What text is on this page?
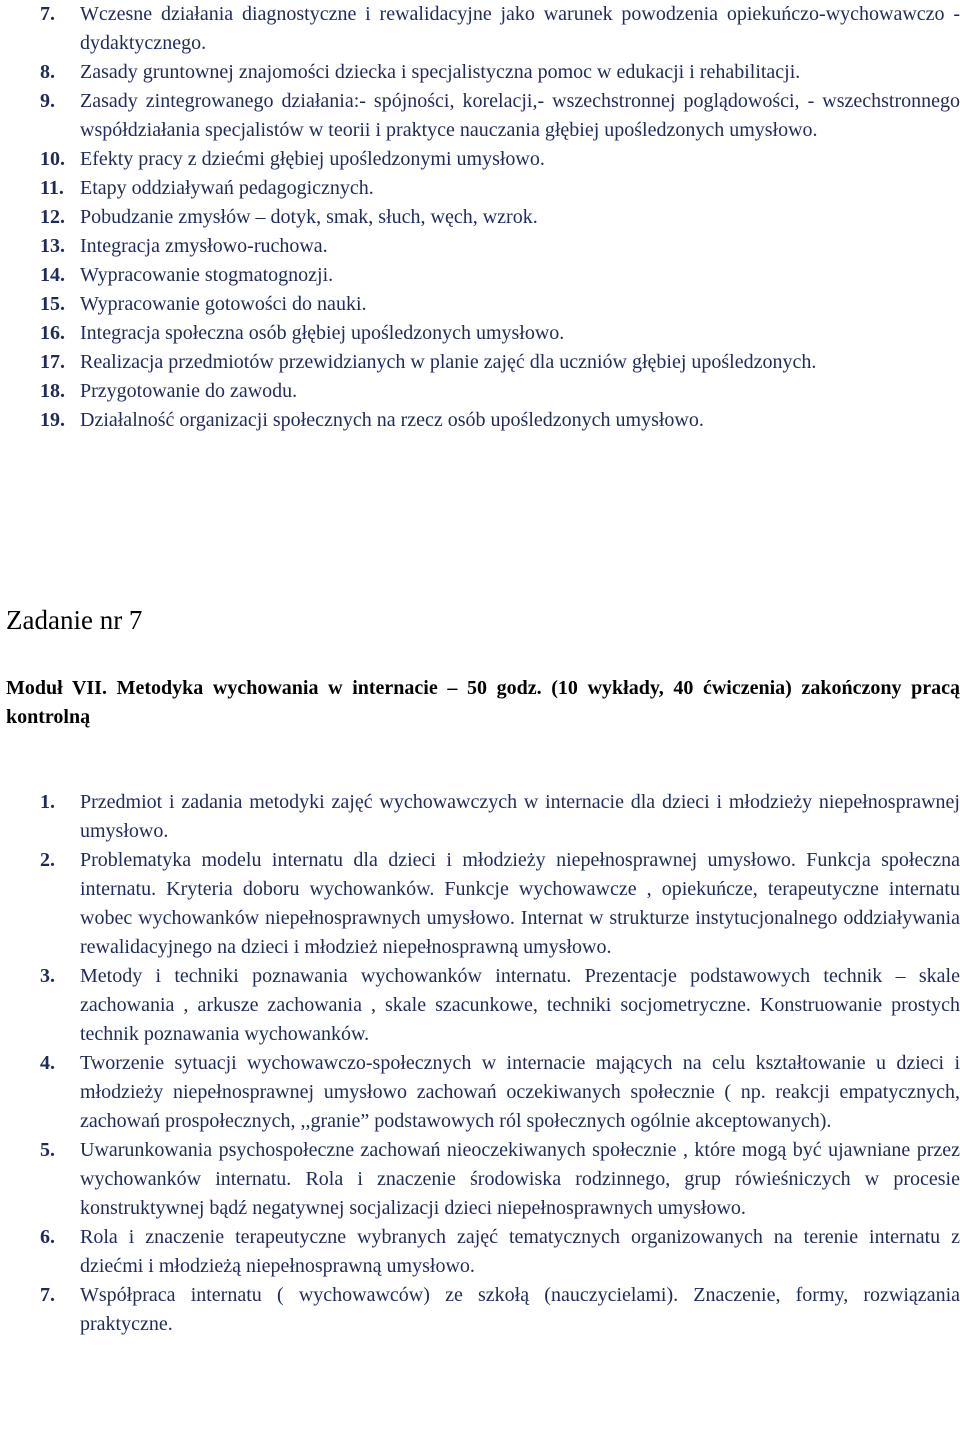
7. Wczesne działania diagnostyczne i rewalidacyjne jako warunek powodzenia opiekuńczo-wychowawczo - dydaktycznego.
8. Zasady gruntownej znajomości dziecka i specjalistyczna pomoc w edukacji i rehabilitacji.
9. Zasady zintegrowanego działania:- spójności, korelacji,- wszechstronnej poglądowości, - wszechstronnego współdziałania specjalistów w teorii i praktyce nauczania głębiej upośledzonych umysłowo.
10. Efekty pracy z dziećmi głębiej upośledzonymi umysłowo.
11. Etapy oddziaływań pedagogicznych.
12. Pobudzanie zmysłów – dotyk, smak, słuch, węch, wzrok.
13. Integracja zmysłowo-ruchowa.
14. Wypracowanie stogmatognozji.
15. Wypracowanie gotowości do nauki.
16. Integracja społeczna osób głębiej upośledzonych umysłowo.
17. Realizacja przedmiotów przewidzianych w planie zajęć dla uczniów głębiej upośledzonych.
18. Przygotowanie do zawodu.
19. Działalność organizacji społecznych na rzecz osób upośledzonych umysłowo.
Zadanie nr 7
Moduł VII. Metodyka wychowania w internacie – 50 godz. (10 wykłady, 40 ćwiczenia) zakończony pracą kontrolną
1. Przedmiot i zadania metodyki zajęć wychowawczych w internacie dla dzieci i młodzieży niepełnosprawnej umysłowo.
2. Problematyka modelu internatu dla dzieci i młodzieży niepełnosprawnej umysłowo. Funkcja społeczna internatu. Kryteria doboru wychowanków. Funkcje wychowawcze , opiekuńcze, terapeutyczne internatu wobec wychowanków niepełnosprawnych umysłowo. Internat w strukturze instytucjonalnego oddziaływania rewalidacyjnego na dzieci i młodzież niepełnosprawną umysłowo.
3. Metody i techniki poznawania wychowanków internatu. Prezentacje podstawowych technik – skale zachowania , arkusze zachowania , skale szacunkowe, techniki socjometryczne. Konstruowanie prostych technik poznawania wychowanków.
4. Tworzenie sytuacji wychowawczo-społecznych w internacie mających na celu kształtowanie u dzieci i młodzieży niepełnosprawnej umysłowo zachowań oczekiwanych społecznie ( np. reakcji empatycznych, zachowań prospołecznych, ,,granie” podstawowych ról społecznych ogólnie akceptowanych).
5. Uwarunkowania psychospołeczne zachowań nieoczekiwanych społecznie , które mogą być ujawniane przez wychowanków internatu. Rola i znaczenie środowiska rodzinnego, grup rówieśniczych w procesie konstruktywnej bądź negatywnej socjalizacji dzieci niepełnosprawnych umysłowo.
6. Rola i znaczenie terapeutyczne wybranych zajęć tematycznych organizowanych na terenie internatu z dziećmi i młodzieżą niepełnosprawną umysłowo.
7. Współpraca internatu ( wychowawców) ze szkołą (nauczycielami). Znaczenie, formy, rozwiązania praktyczne.
